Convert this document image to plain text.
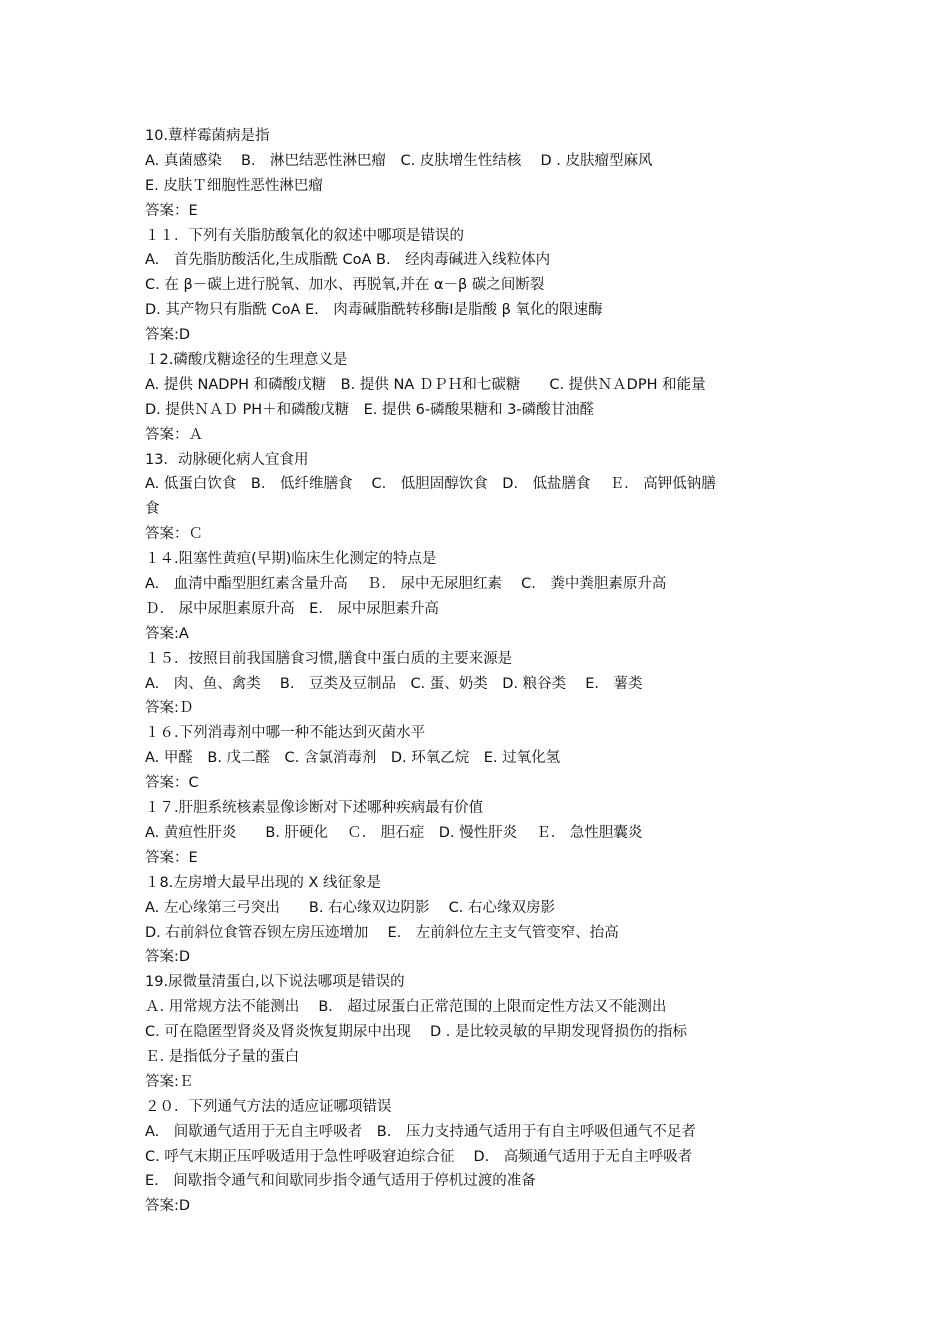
10.蕈样霉菌病是指
A. 真菌感染　 B.　淋巴结恶性淋巴瘤　C. 皮肤增生性结核　 D . 皮肤瘤型麻风
E. 皮肤Ｔ细胞性恶性淋巴瘤
答案：E
１１．下列有关脂肪酸氧化的叙述中哪项是错误的
A.　首先脂肪酸活化,生成脂酰 CoA B.　经肉毒碱进入线粒体内
C. 在 β－碳上进行脱氧、加水、再脱氧,并在 α－β 碳之间断裂
D. 其产物只有脂酰 CoA E.　肉毒碱脂酰转移酶Ⅰ是脂酸 β 氧化的限速酶
答案:D
１2.磷酸戊糖途径的生理意义是
A. 提供 NADPH 和磷酸戊糖　B. 提供 NA ＤＰＨ和七碳糖　　C. 提供ＮＡDPH 和能量
D. 提供ＮＡＤ PH＋和磷酸戊糖　E. 提供 6-磷酸果糖和 3-磷酸甘油醛
答案：Ａ
13．动脉硬化病人宜食用
A. 低蛋白饮食　B.　低纤维膳食　 C.　低胆固醇饮食　D.　低盐膳食　 Ｅ.　高钾低钠膳
食
答案：Ｃ
１４.阻塞性黄疸(早期)临床生化测定的特点是
A.　血清中酯型胆红素含量升高　 Ｂ.　尿中无尿胆红素　 C.　粪中粪胆素原升高
Ｄ.　尿中尿胆素原升高　E.　尿中尿胆素升高
答案:A
１５．按照目前我国膳食习惯,膳食中蛋白质的主要来源是
A.　肉、鱼、禽类　 B.　豆类及豆制品　C. 蛋、奶类　D. 粮谷类　 E.　薯类
答案:Ｄ
１６.下列消毒剂中哪一种不能达到灭菌水平
A. 甲醛　B. 戊二醛　C. 含氯消毒剂　D. 环氧乙烷　E. 过氧化氢
答案：C
１７.肝胆系统核素显像诊断对下述哪种疾病最有价值
A. 黄疸性肝炎　　B. 肝硬化　 Ｃ.　胆石症　D. 慢性肝炎　 Ｅ.　急性胆囊炎
答案：E
１8.左房增大最早出现的 X 线征象是
A. 左心缘第三弓突出　　B. 右心缘双边阴影　 C. 右心缘双房影
D. 右前斜位食管吞钡左房压迹增加　 E.　左前斜位左主支气管变窄、抬高
答案:D
19.尿微量清蛋白,以下说法哪项是错误的
Ａ. 用常规方法不能测出　 B.　超过尿蛋白正常范围的上限而定性方法又不能测出
C. 可在隐匿型肾炎及肾炎恢复期尿中出现　 D . 是比较灵敏的早期发现肾损伤的指标
Ｅ. 是指低分子量的蛋白
答案:Ｅ
２０．下列通气方法的适应证哪项错误
A.　间歇通气适用于无自主呼吸者　B.　压力支持通气适用于有自主呼吸但通气不足者
C. 呼气末期正压呼吸适用于急性呼吸窘迫综合征　 D.　高频通气适用于无自主呼吸者
E.　间歇指令通气和间歇同步指令通气适用于停机过渡的准备
答案:D
